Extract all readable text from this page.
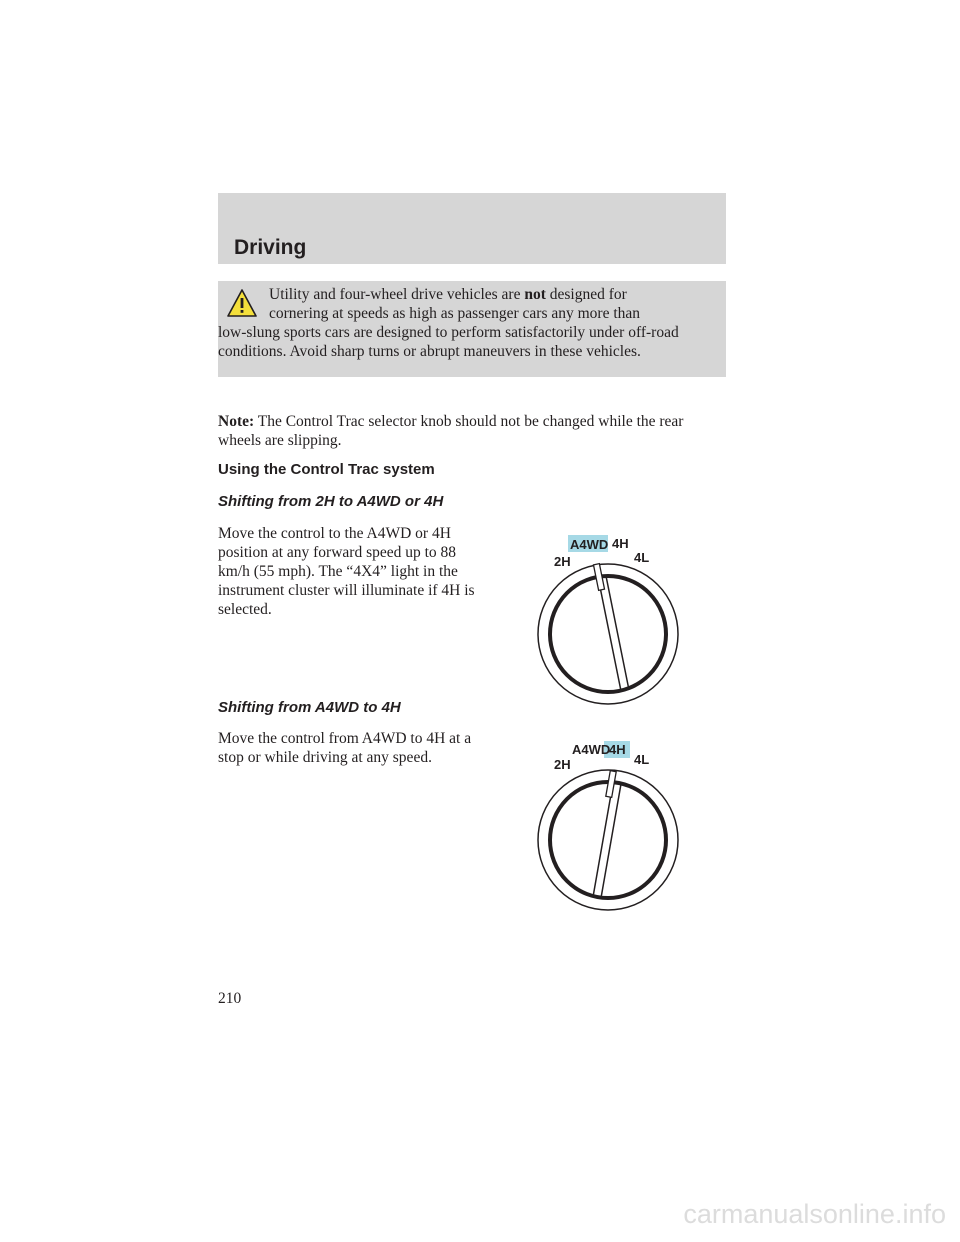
Driving
Utility and four-wheel drive vehicles are not designed for
cornering at speeds as high as passenger cars any more than
low-slung sports cars are designed to perform satisfactorily under off-road conditions. Avoid sharp turns or abrupt maneuvers in these vehicles.
Note: The Control Trac selector knob should not be changed while the rear wheels are slipping.
Using the Control Trac system
Shifting from 2H to A4WD or 4H
Move the control to the A4WD or 4H position at any forward speed up to 88 km/h (55 mph). The “4X4” light in the instrument cluster will illuminate if 4H is selected.
A4WD 4H
2H	4L
Shifting from A4WD to 4H
Move the control from A4WD to 4H at a stop or while driving at any speed.	A4WD
4H
2H	4L
210
carmanualsonline.info
